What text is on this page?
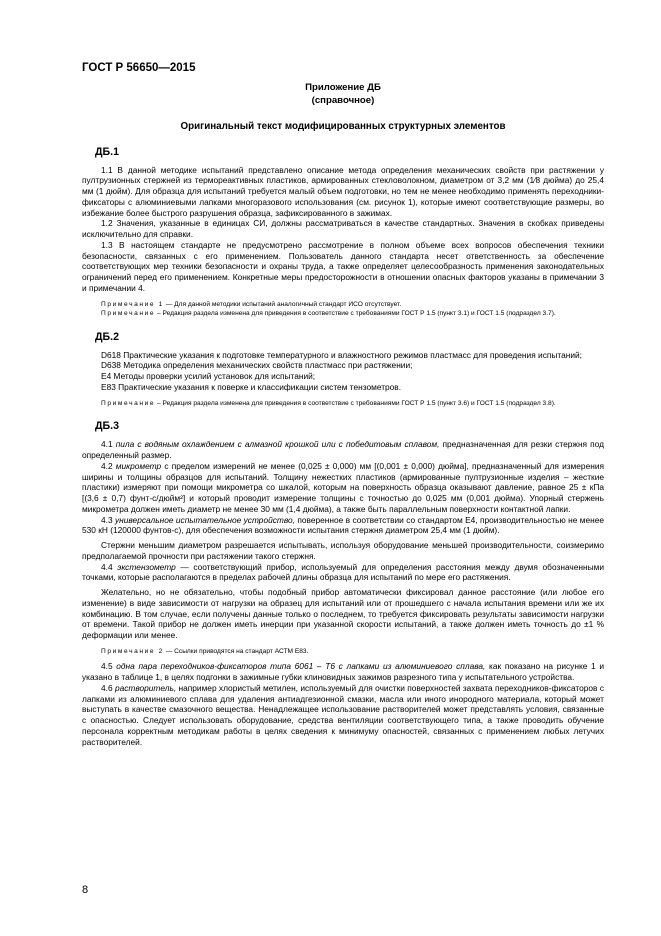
ГОСТ Р 56650—2015
Приложение ДБ
(справочное)
Оригинальный текст модифицированных структурных элементов
ДБ.1

1.1 В данной методике испытаний представлено описание метода определения механических свойств при растяжении у пултрузионных стержней из термореактивных пластиков, армированных стекловолокном, диаметром от 3,2 мм (1⁄8 дюйма) до 25,4 мм (1 дюйм). Для образца для испытаний требуется малый объем подготовки, но тем не менее необходимо применять переходники-фиксаторы с алюминиевыми лапками многоразового использования (см. рисунок 1), которые имеют соответствующие размеры, во избежание более быстрого разрушения образца, зафиксированного в зажимах.

1.2 Значения, указанные в единицах СИ, должны рассматриваться в качестве стандартных. Значения в скобках приведены исключительно для справки.

1.3 В настоящем стандарте не предусмотрено рассмотрение в полном объеме всех вопросов обеспечения техники безопасности, связанных с его применением. Пользователь данного стандарта несет ответственность за обеспечение соответствующих мер техники безопасности и охраны труда, а также определяет целесообразность применения законодательных ограничений перед его применением. Конкретные меры предосторожности в отношении опасных факторов указаны в примечании 3 и примечании 4.

Примечание 1 — Для данной методики испытаний аналогичный стандарт ИСО отсутствует.

Примечание – Редакция раздела изменена для приведения в соответствие с требованиями ГОСТ Р 1.5 (пункт 3.1) и ГОСТ 1.5 (подраздел 3.7).

ДБ.2

D618 Практические указания к подготовке температурного и влажностного режимов пластмасс для проведения испытаний;

D638 Методика определения механических свойств пластмасс при растяжении;

E4 Методы проверки усилий установок для испытаний;

E83 Практические указания к поверке и классификации систем тензометров.

Примечание – Редакция раздела изменена для приведения в соответствие с требованиями ГОСТ Р 1.5 (пункт 3.6) и ГОСТ 1.5 (подраздел 3.8).

ДБ.3

4.1 пила с водяным охлаждением с алмазной крошкой или с победитовым сплавом, предназначенная для резки стержня под определенный размер.

4.2 микрометр с пределом измерений не менее (0,025 ± 0,000) мм [(0,001 ± 0,000) дюйма], предназначенный для измерения ширины и толщины образцов для испытаний. Толщину нежестких пластиков (армированные пултрузионные изделия – жесткие пластики) измеряют при помощи микрометра со шкалой, которым на поверхность образца оказывают давление, равное 25 ± кПа [(3,6 ± 0,7) фунт-с/дюйм²] и который проводит измерение толщины с точностью до 0,025 мм (0,001 дюйма). Упорный стержень микрометра должен иметь диаметр не менее 30 мм (1,4 дюйма), а также быть параллельным поверхности контактной лапки.

4.3 универсальное испытательное устройство, поверенное в соответствии со стандартом E4, производительностью не менее 530 кН (120000 фунтов-с), для обеспечения возможности испытания стержня диаметром 25,4 мм (1 дюйм).

Стержни меньшим диаметром разрешается испытывать, используя оборудование меньшей производительности, соизмеримо предполагаемой прочности при растяжении такого стержня.

4.4 экстензометр — соответствующий прибор, используемый для определения расстояния между двумя обозначенными точками, которые располагаются в пределах рабочей длины образца для испытаний по мере его растяжения.

Желательно, но не обязательно, чтобы подобный прибор автоматически фиксировал данное расстояние (или любое его изменение) в виде зависимости от нагрузки на образец для испытаний или от прошедшего с начала испытания времени или же их комбинацию. В том случае, если получены данные только о последнем, то требуется фиксировать результаты зависимости нагрузки от времени. Такой прибор не должен иметь инерции при указанной скорости испытаний, а также должен иметь точность до ±1 % деформации или менее.

Примечание 2 — Ссылки приводятся на стандарт АСТМ E83.

4.5 одна пара переходников-фиксаторов типа 6061 – Т6 с лапками из алюминиевого сплава, как показано на рисунке 1 и указано в таблице 1, в целях подгонки в зажимные губки клиновидных зажимов разрезного типа у испытательного устройства.

4.6 растворитель, например хлористый метилен, используемый для очистки поверхностей захвата переходников-фиксаторов с лапками из алюминиевого сплава для удаления антиадгезионной смазки, масла или иного инородного материала, который может выступать в качестве смазочного вещества. Ненадлежащее использование растворителей может представлять условия, связанные с опасностью. Следует использовать оборудование, средства вентиляции соответствующего типа, а также проводить обучение персонала корректным методикам работы в целях сведения к минимуму опасностей, связанных с применением любых летучих растворителей.

8
